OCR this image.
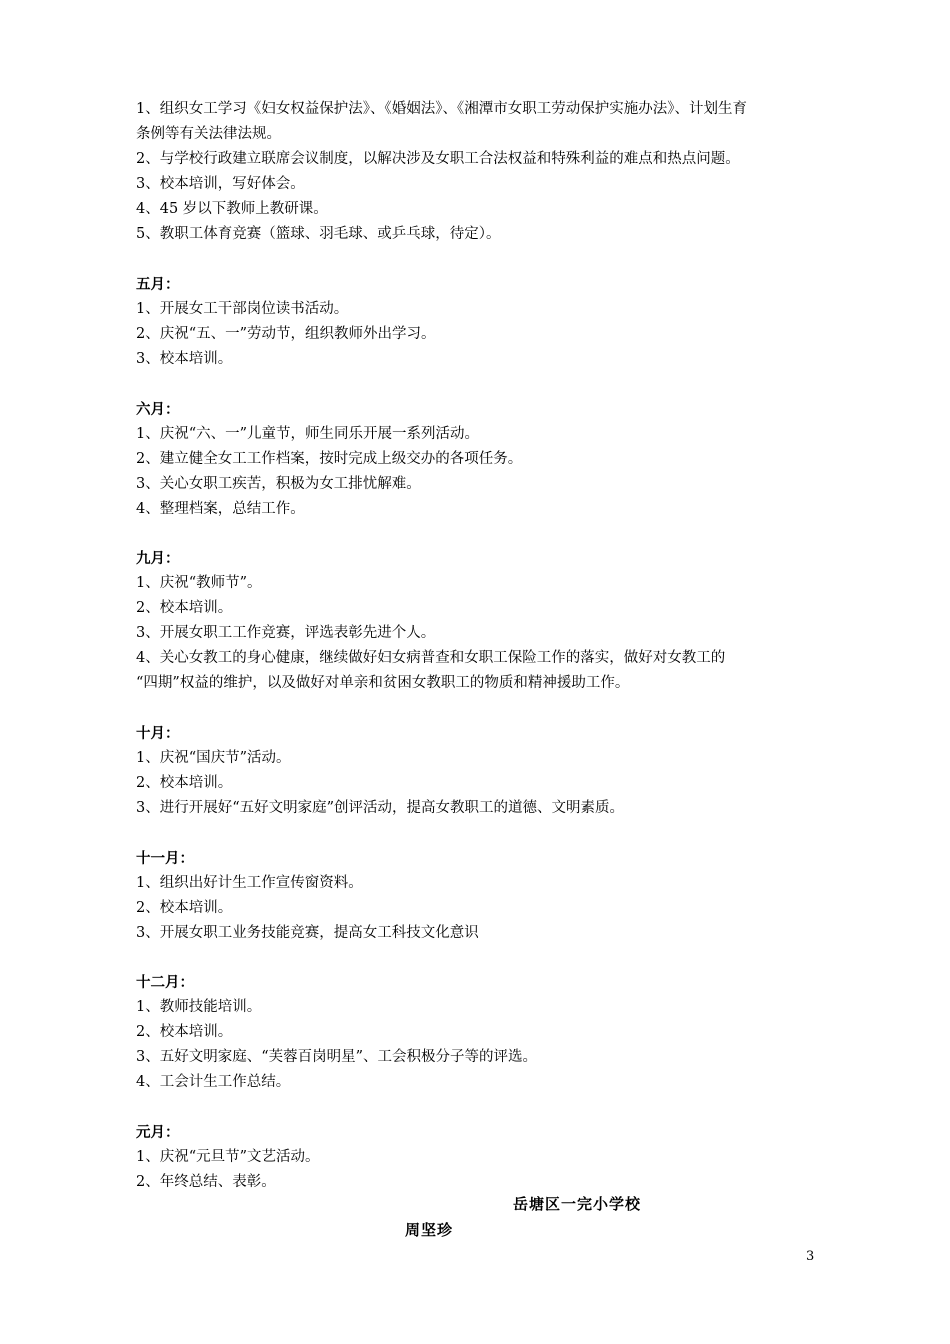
1、组织女工学习《妇女权益保护法》、《婚姻法》、《湘潭市女职工劳动保护实施办法》、计划生育
条例等有关法律法规。
2、与学校行政建立联席会议制度，以解决涉及女职工合法权益和特殊利益的难点和热点问题。
3、校本培训，写好体会。
4、45 岁以下教师上教研课。
5、教职工体育竞赛（篮球、羽毛球、或乒乓球，待定）。
五月：
1、开展女工干部岗位读书活动。
2、庆祝“五、一”劳动节，组织教师外出学习。
3、校本培训。
六月：
1、庆祝“六、一”儿童节，师生同乐开展一系列活动。
2、建立健全女工工作档案，按时完成上级交办的各项任务。
3、关心女职工疾苦，积极为女工排忧解难。
4、整理档案，总结工作。
九月：
1、庆祝“教师节”。
2、校本培训。
3、开展女职工工作竞赛，评选表彰先进个人。
4、关心女教工的身心健康，继续做好妇女病普查和女职工保险工作的落实，做好对女教工的
“四期”权益的维护，以及做好对单亲和贫困女教职工的物质和精神援助工作。
十月：
1、庆祝“国庆节”活动。
2、校本培训。
3、进行开展好“五好文明家庭”创评活动，提高女教职工的道德、文明素质。
十一月：
1、组织出好计生工作宣传窗资料。
2、校本培训。
3、开展女职工业务技能竞赛，提高女工科技文化意识
十二月：
1、教师技能培训。
2、校本培训。
3、五好文明家庭、“芙蓉百岗明星”、工会积极分子等的评选。
4、工会计生工作总结。
元月：
1、庆祝“元旦节”文艺活动。
2、年终总结、表彰。
岳塘区一完小学校
周坚珍
3
